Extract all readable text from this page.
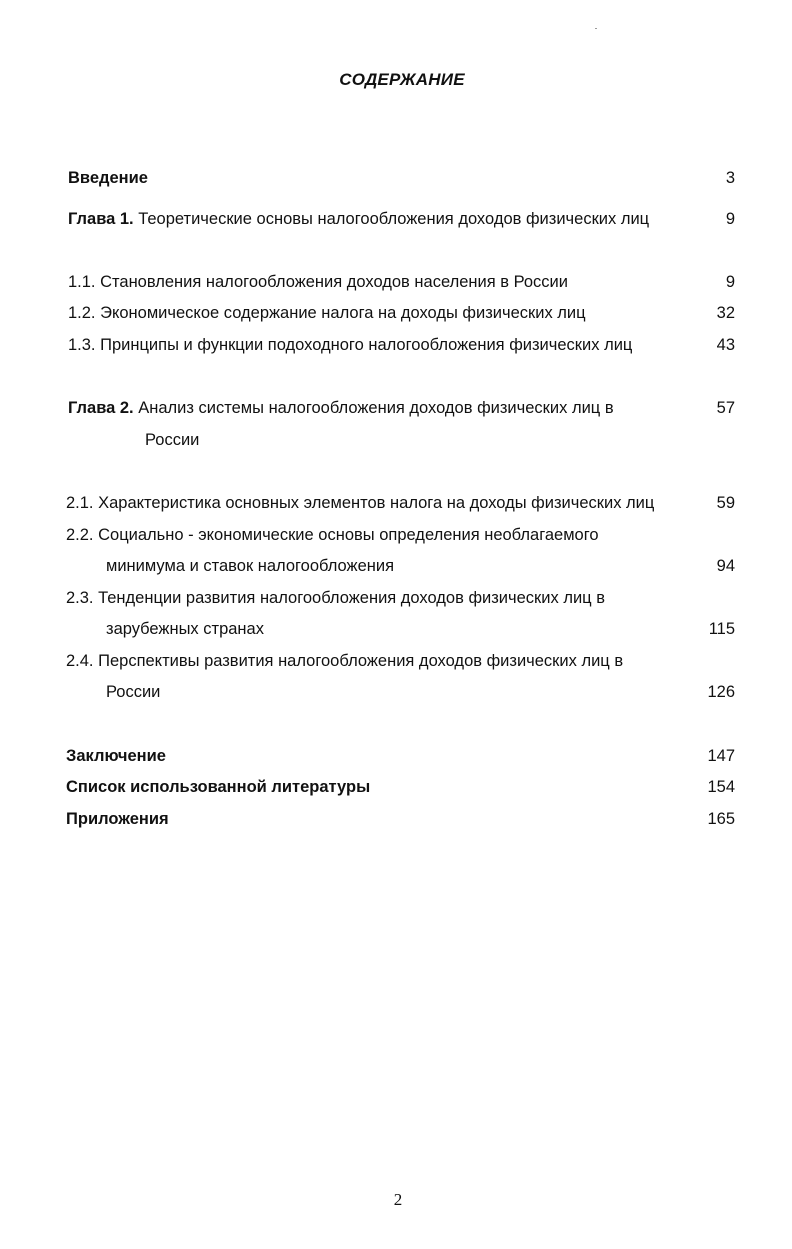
СОДЕРЖАНИЕ
Введение	3
Глава 1. Теоретические основы налогообложения доходов физических лиц	9
1.1. Становления налогообложения доходов населения в России	9
1.2. Экономическое содержание налога на доходы физических лиц	32
1.3. Принципы и функции подоходного налогообложения физических лиц	43
Глава 2. Анализ системы налогообложения доходов физических лиц в	57
России
2.1. Характеристика основных элементов налога на доходы физических лиц	59
2.2. Социально - экономические основы определения необлагаемого
минимума и ставок налогообложения	94
2.3. Тенденции развития налогообложения доходов физических лиц в
зарубежных странах	115
2.4. Перспективы развития налогообложения доходов физических лиц в
России	126
Заключение	147
Список использованной литературы	154
Приложения	165
2
